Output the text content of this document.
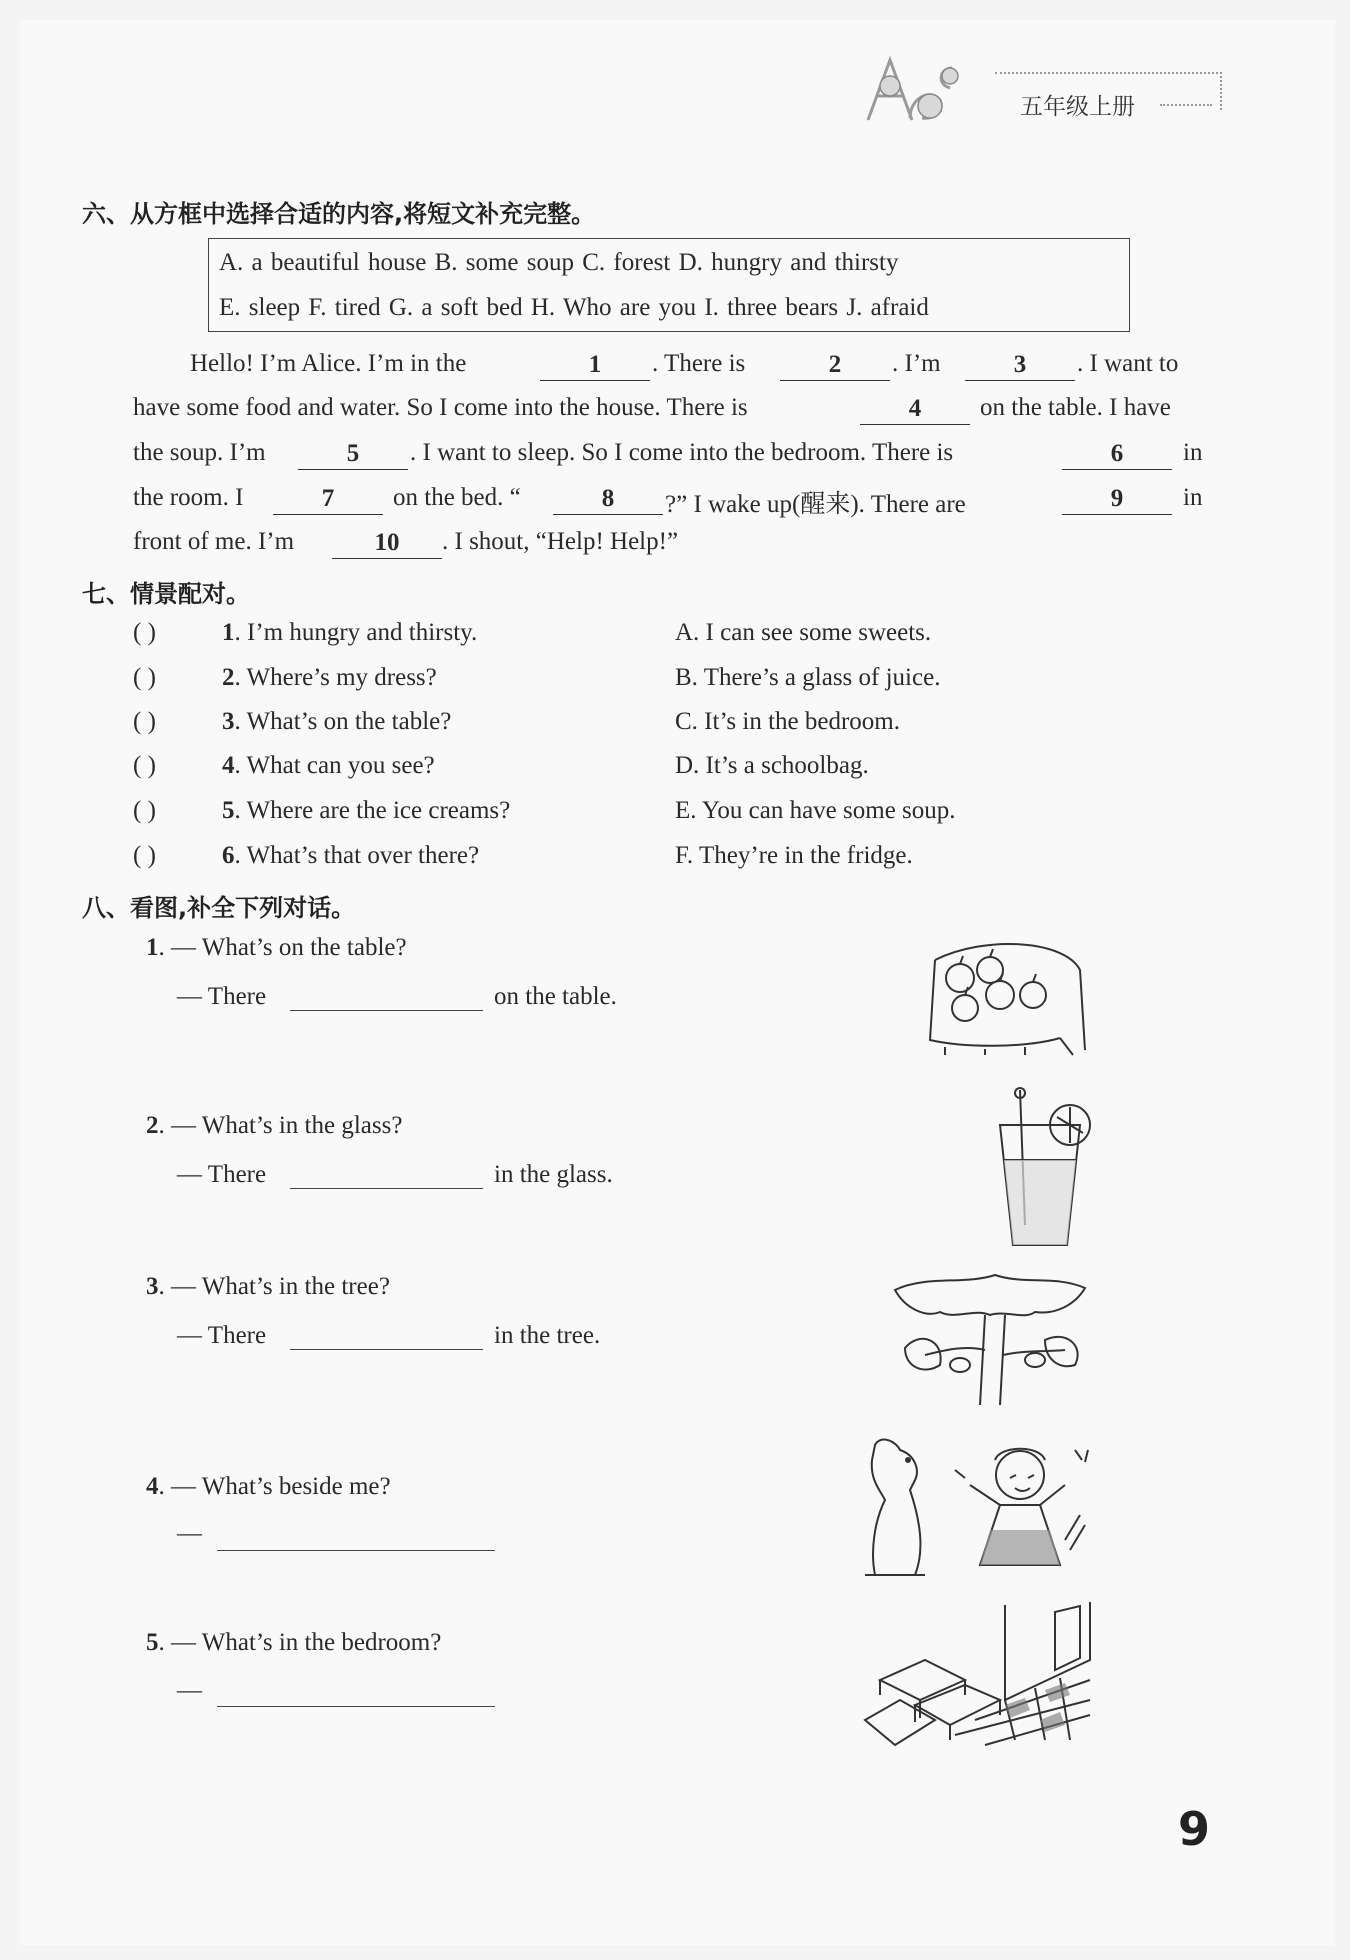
五年级上册
六、从方框中选择合适的内容,将短文补充完整。
A. a beautiful house B. some soup C. forest D. hungry and thirsty
E. sleep F. tired G. a soft bed H. Who are you I. three bears J. afraid
Hello! I’m Alice. I’m in the	1	. There is	2	. I’m	3	. I want to
have some food and water. So I come into the house. There is	4	on the table. I have
the soup. I’m	5	. I want to sleep. So I come into the bedroom. There is	6	in
the room. I	7	on the bed. “	8	?” I wake up(醒来). There are	9	in
front of me. I’m	10	. I shout, “Help! Help!”
七、情景配对。
( )	1. I’m hungry and thirsty.	A. I can see some sweets.
( )	2. Where’s my dress?	B. There’s a glass of juice.
( )	3. What’s on the table?	C. It’s in the bedroom.
( )	4. What can you see?	D. It’s a schoolbag.
( )	5. Where are the ice creams?	E. You can have some soup.
( )	6. What’s that over there?	F. They’re in the fridge.
八、看图,补全下列对话。
1. — What’s on the table?
— There	on the table.
2. — What’s in the glass?
— There	in the glass.
3. — What’s in the tree?
— There	in the tree.
4. — What’s beside me?
—
5. — What’s in the bedroom?
—
9
